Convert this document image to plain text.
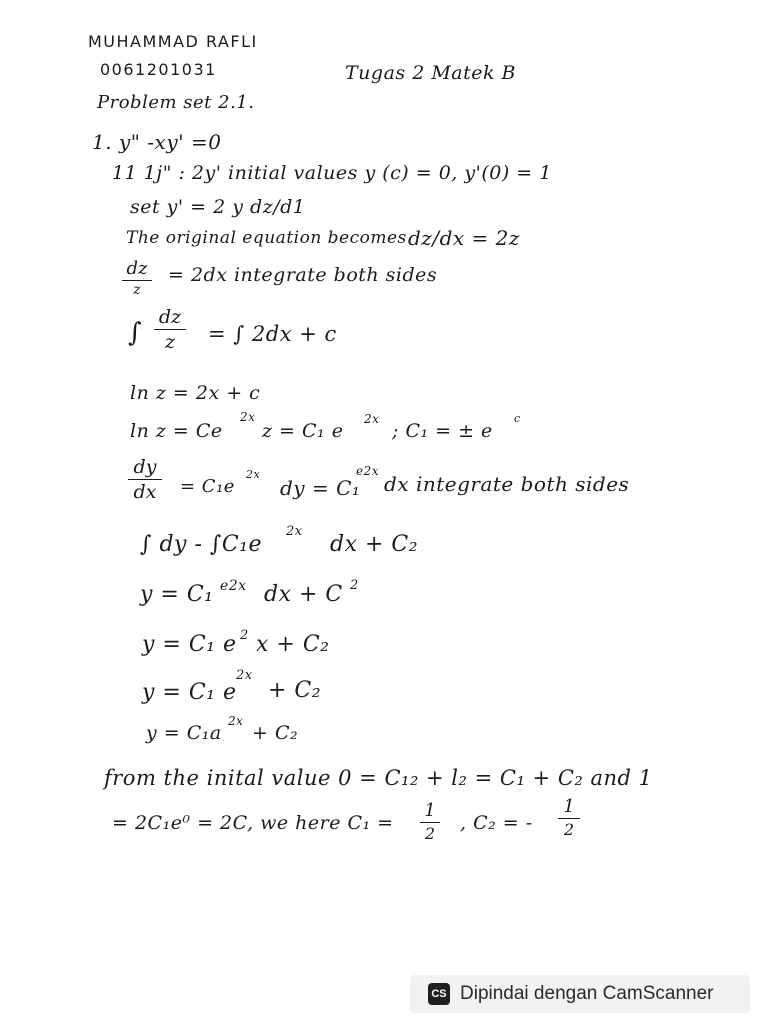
MUHAMMAD RAFLI
0061201031	Tugas 2 Matek B
Problem set 2.1.
1. y" -xy' =0
11 1j" : 2y' initial values y (c) = 0, y'(0) = 1
set y' = 2 y dz/d1
The original equation becomes dz/dx = 2z
dz
z
= 2dx integrate both sides
∫
dz
z	= ∫ 2dx + c
ln z = 2x + c
ln z = Ce
2x
z = C₁ e
2x
; C₁ = ± e
c
dy
dx	= C₁e
2x
dy = C₁
e2x
dx integrate both sides
∫ dy - ∫C₁e
2x
dx + C₂
y = C₁ e2x dx + C 2
y = C₁ e 2 x + C₂
y = C₁ e
2x
+ C₂
y = C₁a
2x
+ C₂
from the inital value 0 = C₁₂ + l₂ = C₁ + C₂ and 1
= 2C₁e⁰ = 2C, we here C₁ =	, C₂ = -
1
2
1
2
CS Dipindai dengan CamScanner
